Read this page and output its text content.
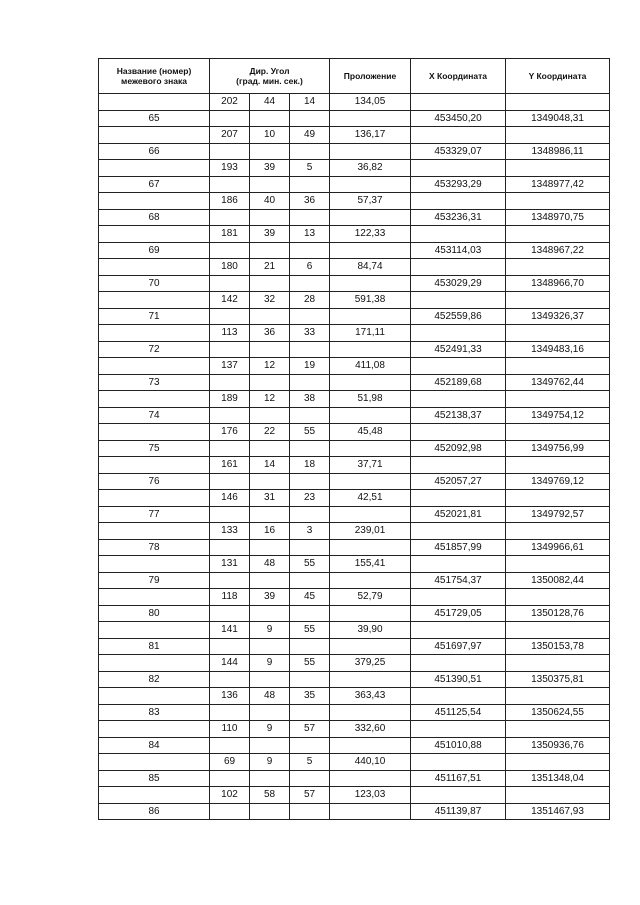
Название (номер) межевого знака	Дир. Угол
(град. мин. сек.)			Проложение	X Координата	Y Координата
	202	44	14	134,05		
65					453450,20	1349048,31
	207	10	49	136,17		
66					453329,07	1348986,11
	193	39	5	36,82		
67					453293,29	1348977,42
	186	40	36	57,37		
68					453236,31	1348970,75
	181	39	13	122,33		
69					453114,03	1348967,22
	180	21	6	84,74		
70					453029,29	1348966,70
	142	32	28	591,38		
71					452559,86	1349326,37
	113	36	33	171,11		
72					452491,33	1349483,16
	137	12	19	411,08		
73					452189,68	1349762,44
	189	12	38	51,98		
74					452138,37	1349754,12
	176	22	55	45,48		
75					452092,98	1349756,99
	161	14	18	37,71		
76					452057,27	1349769,12
	146	31	23	42,51		
77					452021,81	1349792,57
	133	16	3	239,01		
78					451857,99	1349966,61
	131	48	55	155,41		
79					451754,37	1350082,44
	118	39	45	52,79		
80					451729,05	1350128,76
	141	9	55	39,90		
81					451697,97	1350153,78
	144	9	55	379,25		
82					451390,51	1350375,81
	136	48	35	363,43		
83					451125,54	1350624,55
	110	9	57	332,60		
84					451010,88	1350936,76
	69	9	5	440,10		
85					451167,51	1351348,04
	102	58	57	123,03		
86					451139,87	1351467,93
